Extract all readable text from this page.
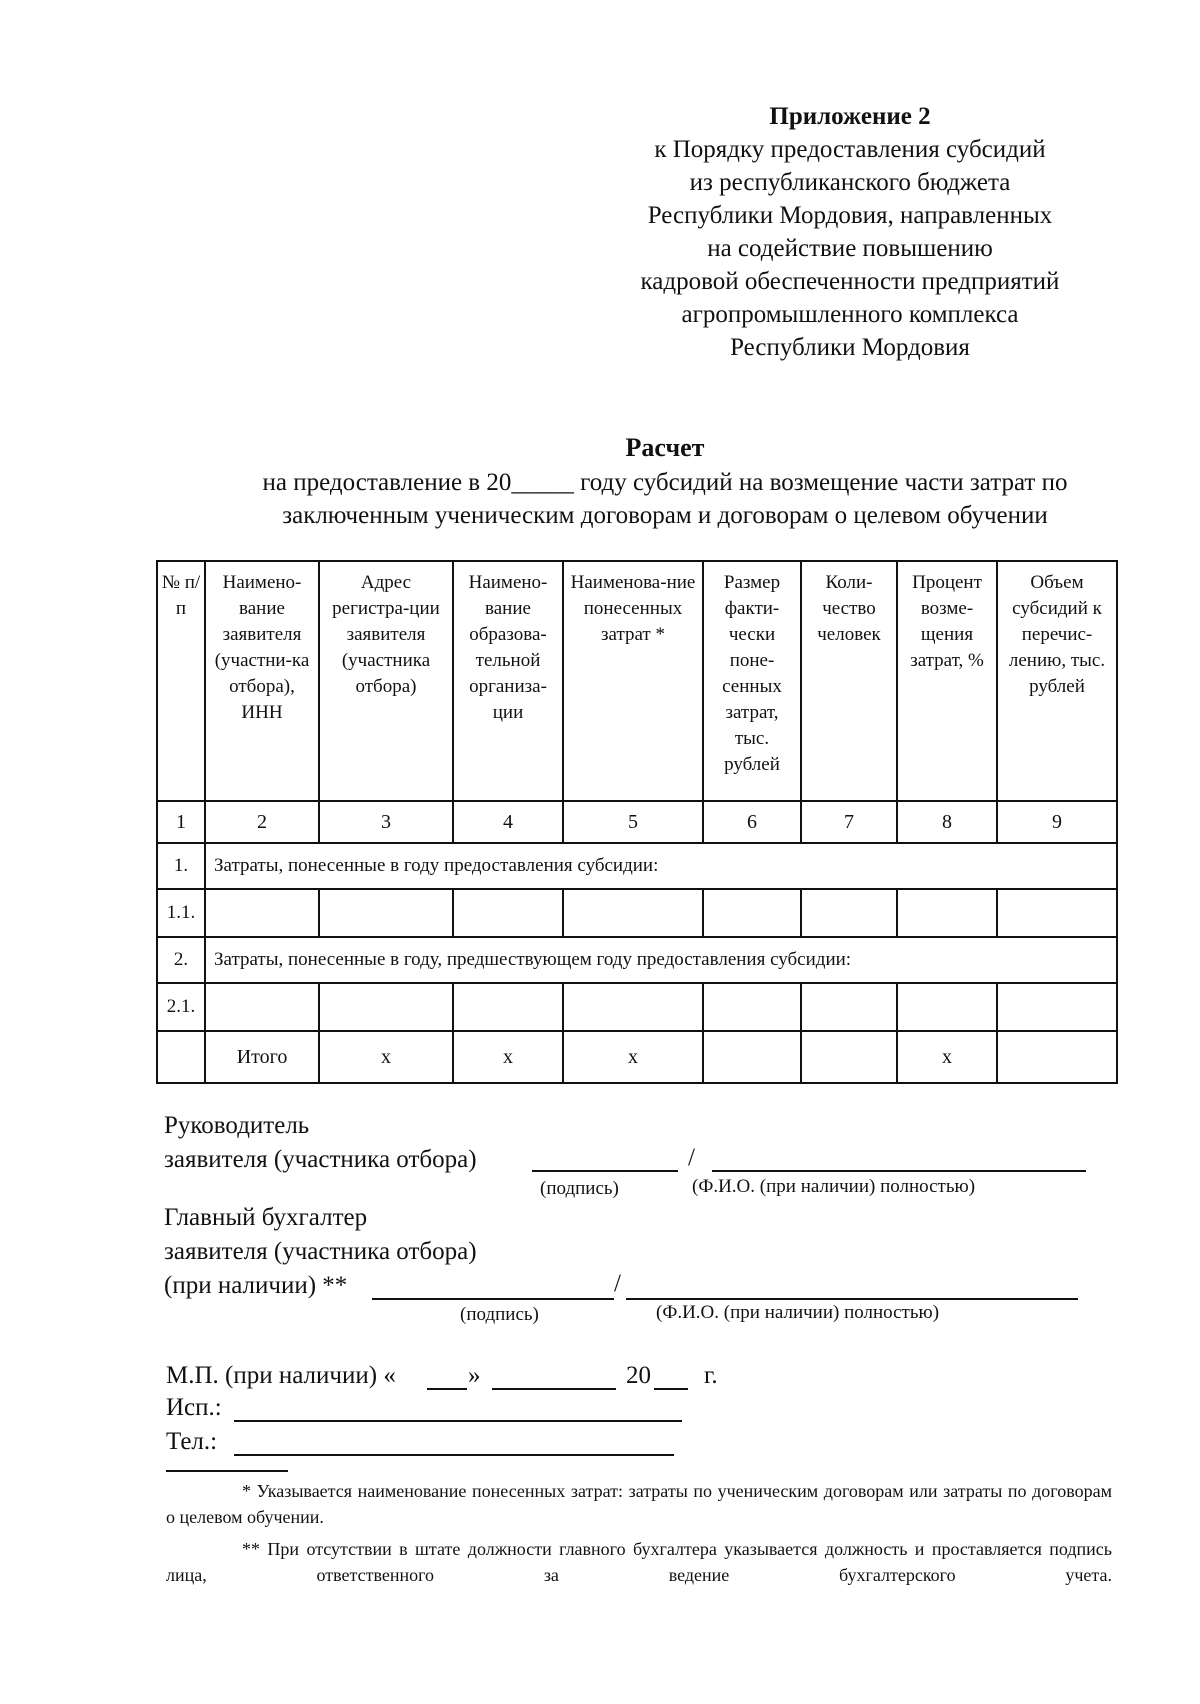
Приложение 2
к Порядку предоставления субсидий
из республиканского бюджета
Республики Мордовия, направленных
на содействие повышению
кадровой обеспеченности предприятий
агропромышленного комплекса
Республики Мордовия
Расчет
на предоставление в 20_____ году субсидий на возмещение части затрат по
заключенным ученическим договорам и договорам о целевом обучении
№ п/п	Наимено-вание заявителя (участни-ка отбора), ИНН	Адрес регистра-ции заявителя (участника отбора)	Наимено-вание образова-тельной организа-ции	Наименова-ние понесенных затрат *	Размер факти-чески поне-сенных затрат, тыс. рублей	Коли-чество человек	Процент возме-щения затрат, %	Объем субсидий к перечис-лению, тыс. рублей
1	2	3	4	5	6	7	8	9
1.	Затраты, понесенные в году предоставления субсидии:							
1.1.								
2.	Затраты, понесенные в году, предшествующем году предоставления субсидии:							
2.1.								
	Итого	х	х	х			х	
Руководитель
заявителя (участника отбора)	/
(подпись)	(Ф.И.О. (при наличии) полностью)
Главный бухгалтер
заявителя (участника отбора)
(при наличии) **	/
(подпись)	(Ф.И.О. (при наличии) полностью)
М.П. (при наличии) «	»	20 г.
Исп.:
Тел.:
* Указывается наименование понесенных затрат: затраты по ученическим договорам или затраты по договорам о целевом обучении.
** При отсутствии в штате должности главного бухгалтера указывается должность и проставляется подпись лица, ответственного за ведение бухгалтерского учета.
